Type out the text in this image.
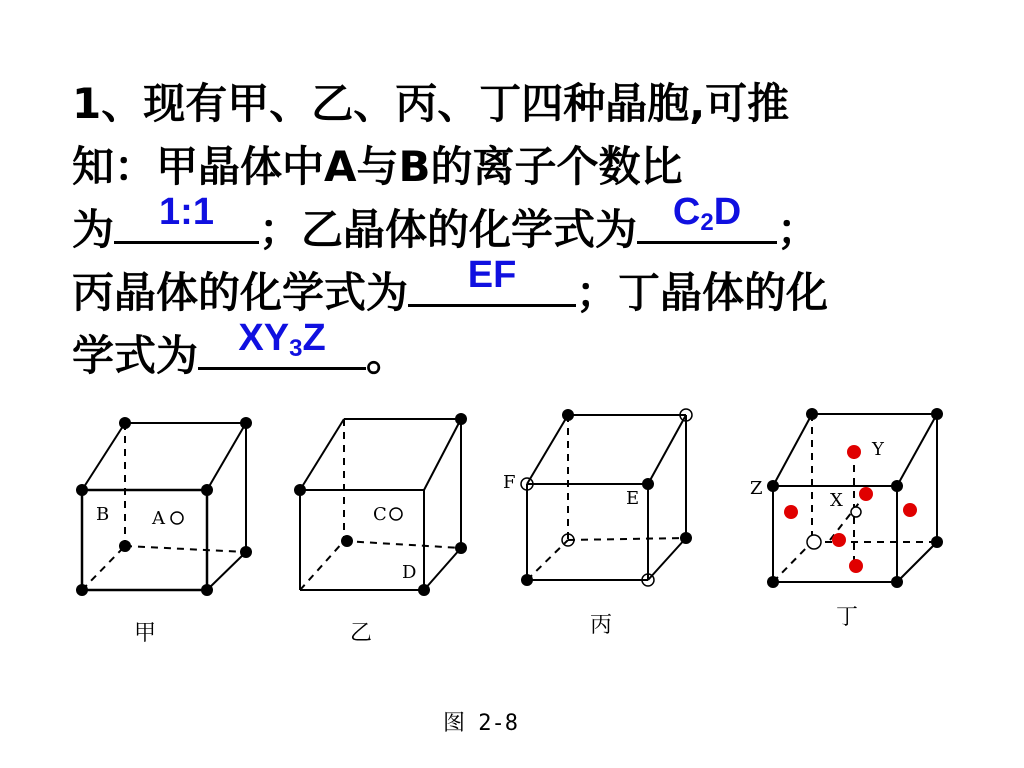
1、现有甲、乙、丙、丁四种晶胞,可推
知：甲晶体中A与B的离子个数比
为	1:1	；乙晶体的化学式为 $C_2D$ ；
丙晶体的化学式为	EF	；丁晶体的化
学式为	$XY_3Z$ 。
B A
甲
C
D
乙
F
E
丙
Y
Z
X
丁
图 2-8
